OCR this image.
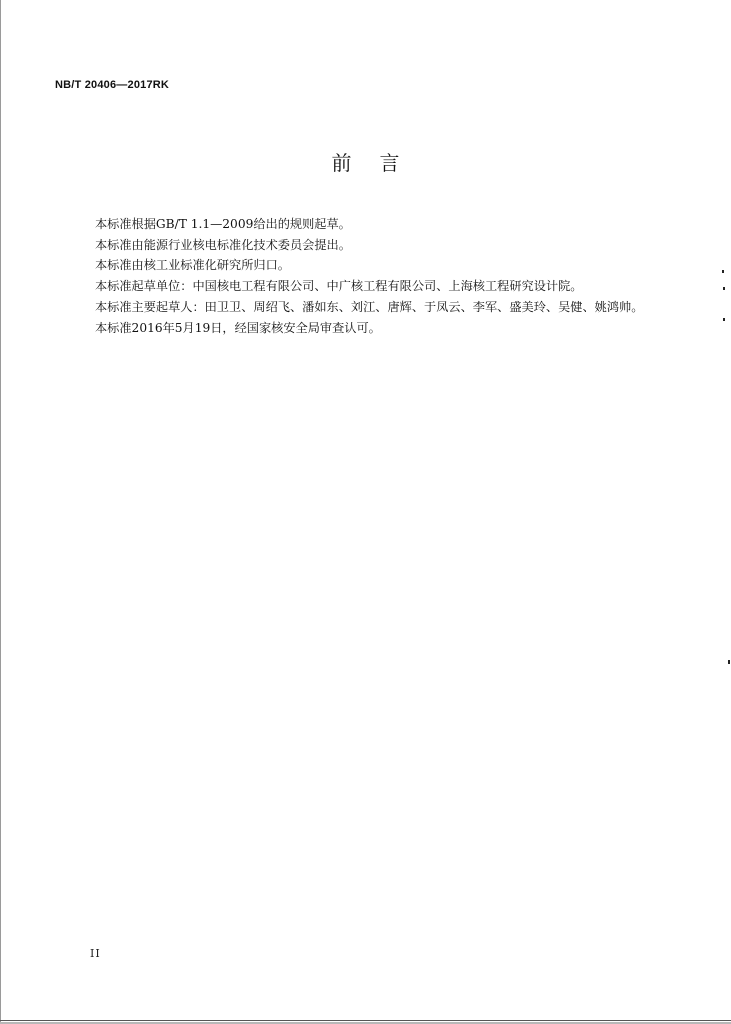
NB/T 20406—2017RK
前言

本标准根据GB/T 1.1—2009给出的规则起草。

本标准由能源行业核电标准化技术委员会提出。

本标准由核工业标准化研究所归口。

本标准起草单位：中国核电工程有限公司、中广核工程有限公司、上海核工程研究设计院。

本标准主要起草人：田卫卫、周绍飞、潘如东、刘江、唐辉、于凤云、李军、盛美玲、吴健、姚鸿帅。

本标准2016年5月19日，经国家核安全局审查认可。

II
